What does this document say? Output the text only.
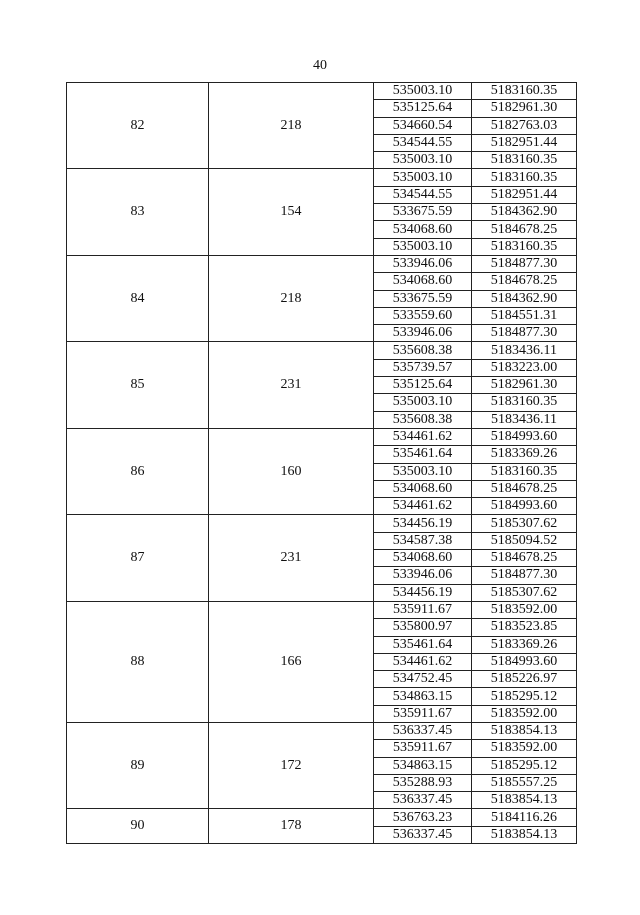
40
82	218	535003.10	5183160.35
		535125.64	5182961.30
		534660.54	5182763.03
		534544.55	5182951.44
		535003.10	5183160.35
83	154	535003.10	5183160.35
		534544.55	5182951.44
		533675.59	5184362.90
		534068.60	5184678.25
		535003.10	5183160.35
84	218	533946.06	5184877.30
		534068.60	5184678.25
		533675.59	5184362.90
		533559.60	5184551.31
		533946.06	5184877.30
85	231	535608.38	5183436.11
		535739.57	5183223.00
		535125.64	5182961.30
		535003.10	5183160.35
		535608.38	5183436.11
86	160	534461.62	5184993.60
		535461.64	5183369.26
		535003.10	5183160.35
		534068.60	5184678.25
		534461.62	5184993.60
87	231	534456.19	5185307.62
		534587.38	5185094.52
		534068.60	5184678.25
		533946.06	5184877.30
		534456.19	5185307.62
88	166	535911.67	5183592.00
		535800.97	5183523.85
		535461.64	5183369.26
		534461.62	5184993.60
		534752.45	5185226.97
		534863.15	5185295.12
		535911.67	5183592.00
89	172	536337.45	5183854.13
		535911.67	5183592.00
		534863.15	5185295.12
		535288.93	5185557.25
		536337.45	5183854.13
90	178	536763.23	5184116.26
		536337.45	5183854.13
